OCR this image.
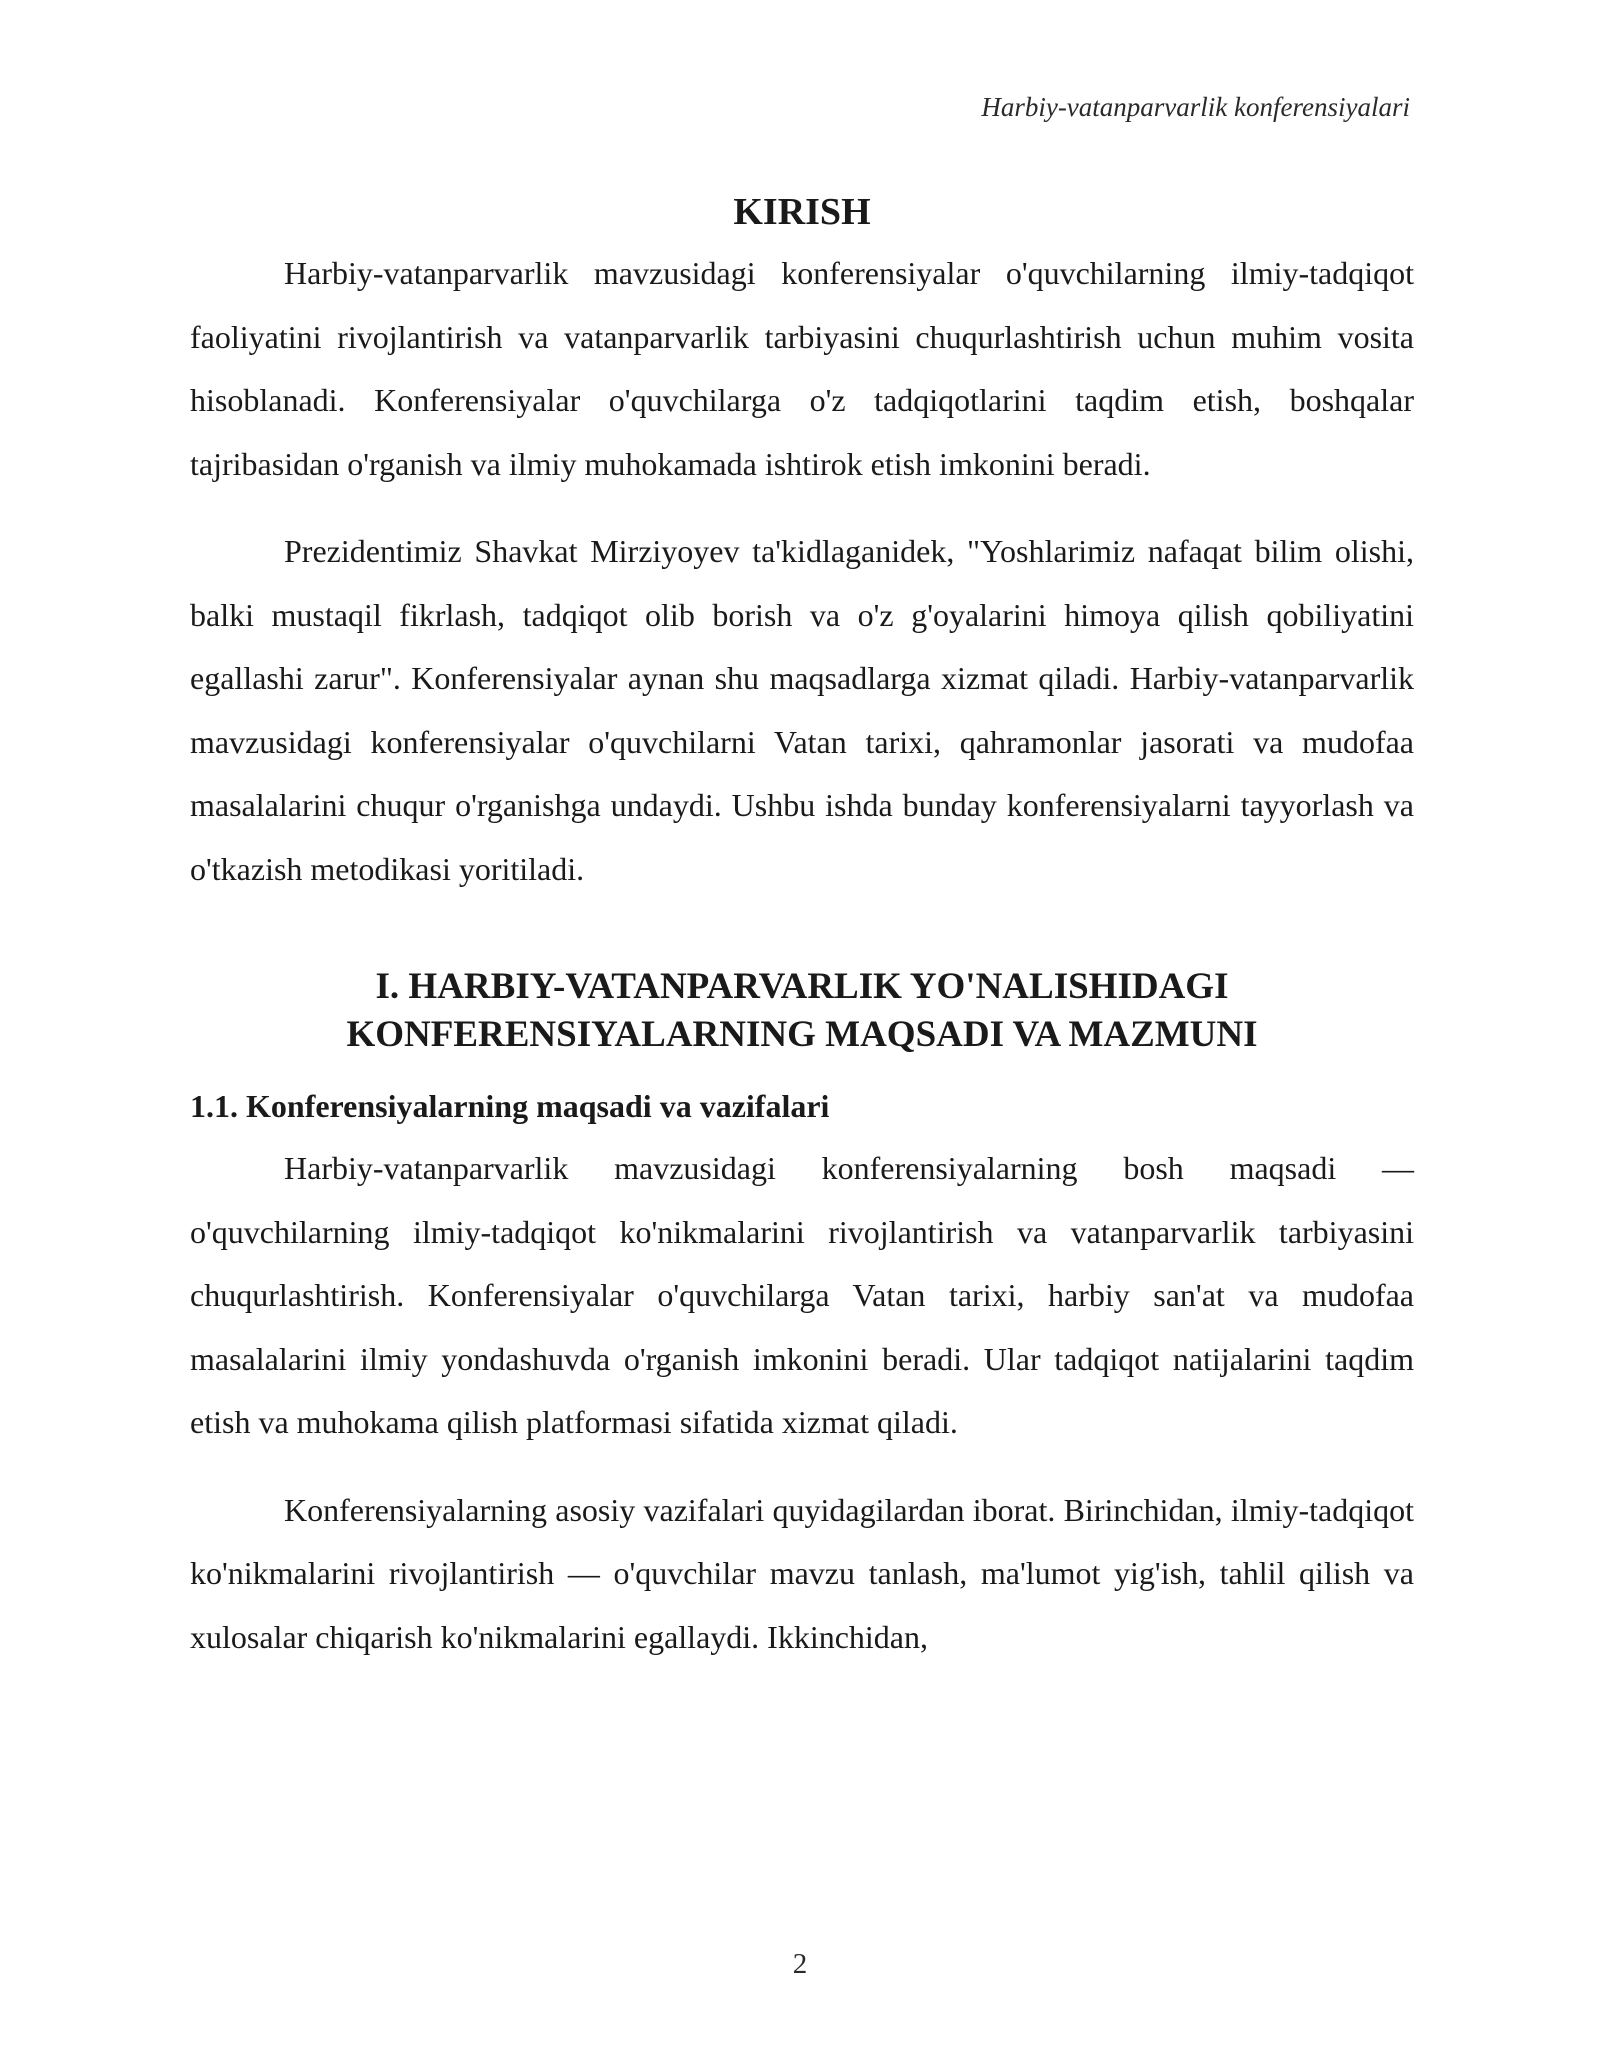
Harbiy-vatanparvarlik konferensiyalari
KIRISH

Harbiy-vatanparvarlik mavzusidagi konferensiyalar o'quvchilarning ilmiy-tadqiqot faoliyatini rivojlantirish va vatanparvarlik tarbiyasini chuqurlashtirish uchun muhim vosita hisoblanadi. Konferensiyalar o'quvchilarga o'z tadqiqotlarini taqdim etish, boshqalar tajribasidan o'rganish va ilmiy muhokamada ishtirok etish imkonini beradi.

Prezidentimiz Shavkat Mirziyoyev ta'kidlaganidek, "Yoshlarimiz nafaqat bilim olishi, balki mustaqil fikrlash, tadqiqot olib borish va o'z g'oyalarini himoya qilish qobiliyatini egallashi zarur". Konferensiyalar aynan shu maqsadlarga xizmat qiladi. Harbiy-vatanparvarlik mavzusidagi konferensiyalar o'quvchilarni Vatan tarixi, qahramonlar jasorati va mudofaa masalalarini chuqur o'rganishga undaydi. Ushbu ishda bunday konferensiyalarni tayyorlash va o'tkazish metodikasi yoritiladi.

I. HARBIY-VATANPARVARLIK YO'NALISHIDAGI
KONFERENSIYALARNING MAQSADI VA MAZMUNI
1.1. Konferensiyalarning maqsadi va vazifalari

Harbiy-vatanparvarlik mavzusidagi konferensiyalarning bosh maqsadi — o'quvchilarning ilmiy-tadqiqot ko'nikmalarini rivojlantirish va vatanparvarlik tarbiyasini chuqurlashtirish. Konferensiyalar o'quvchilarga Vatan tarixi, harbiy san'at va mudofaa masalalarini ilmiy yondashuvda o'rganish imkonini beradi. Ular tadqiqot natijalarini taqdim etish va muhokama qilish platformasi sifatida xizmat qiladi.

Konferensiyalarning asosiy vazifalari quyidagilardan iborat. Birinchidan, ilmiy-tadqiqot ko'nikmalarini rivojlantirish — o'quvchilar mavzu tanlash, ma'lumot yig'ish, tahlil qilish va xulosalar chiqarish ko'nikmalarini egallaydi. Ikkinchidan,

2
